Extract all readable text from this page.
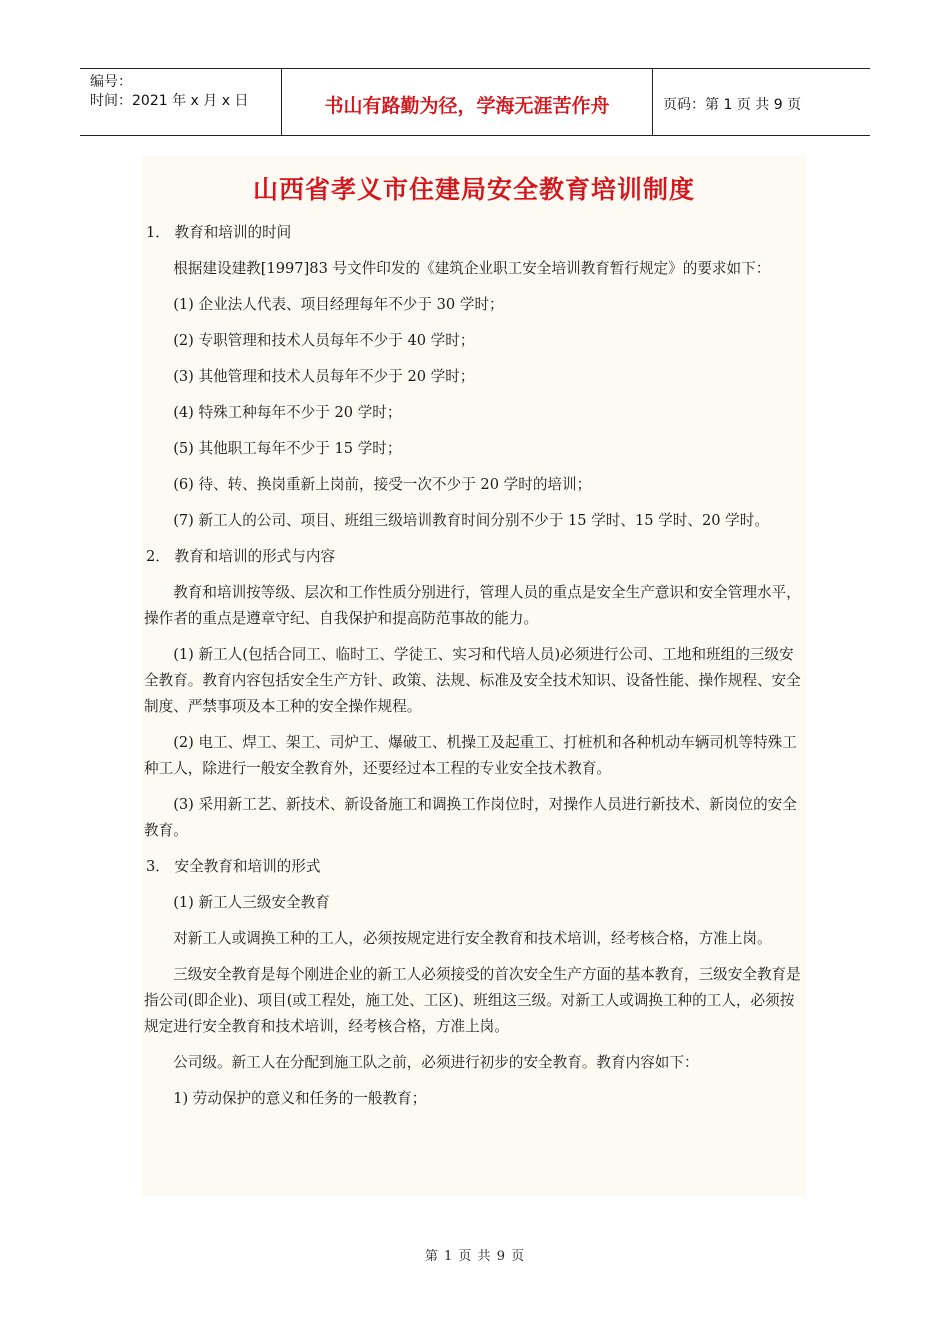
编号：
时间：2021 年 x 月 x 日	书山有路勤为径，学海无涯苦作舟	页码：第 1 页 共 9 页
山西省孝义市住建局安全教育培训制度

1． 教育和培训的时间

根据建设建教[1997]83 号文件印发的《建筑企业职工安全培训教育暂行规定》的要求如下：

(1) 企业法人代表、项目经理每年不少于 30 学时；

(2) 专职管理和技术人员每年不少于 40 学时；

(3) 其他管理和技术人员每年不少于 20 学时；

(4) 特殊工种每年不少于 20 学时；

(5) 其他职工每年不少于 15 学时；

(6) 待、转、换岗重新上岗前，接受一次不少于 20 学时的培训；

(7) 新工人的公司、项目、班组三级培训教育时间分别不少于 15 学时、15 学时、20 学时。

2． 教育和培训的形式与内容

教育和培训按等级、层次和工作性质分别进行，管理人员的重点是安全生产意识和安全管理水平，操作者的重点是遵章守纪、自我保护和提高防范事故的能力。

(1) 新工人(包括合同工、临时工、学徒工、实习和代培人员)必须进行公司、工地和班组的三级安全教育。教育内容包括安全生产方针、政策、法规、标准及安全技术知识、设备性能、操作规程、安全制度、严禁事项及本工种的安全操作规程。

(2) 电工、焊工、架工、司炉工、爆破工、机操工及起重工、打桩机和各种机动车辆司机等特殊工种工人，除进行一般安全教育外，还要经过本工程的专业安全技术教育。

(3) 采用新工艺、新技术、新设备施工和调换工作岗位时，对操作人员进行新技术、新岗位的安全教育。

3． 安全教育和培训的形式

(1) 新工人三级安全教育

对新工人或调换工种的工人，必须按规定进行安全教育和技术培训，经考核合格，方准上岗。

三级安全教育是每个刚进企业的新工人必须接受的首次安全生产方面的基本教育，三级安全教育是指公司(即企业)、项目(或工程处，施工处、工区)、班组这三级。对新工人或调换工种的工人，必须按规定进行安全教育和技术培训，经考核合格，方准上岗。

公司级。新工人在分配到施工队之前，必须进行初步的安全教育。教育内容如下：

1) 劳动保护的意义和任务的一般教育；

第 1 页 共 9 页
